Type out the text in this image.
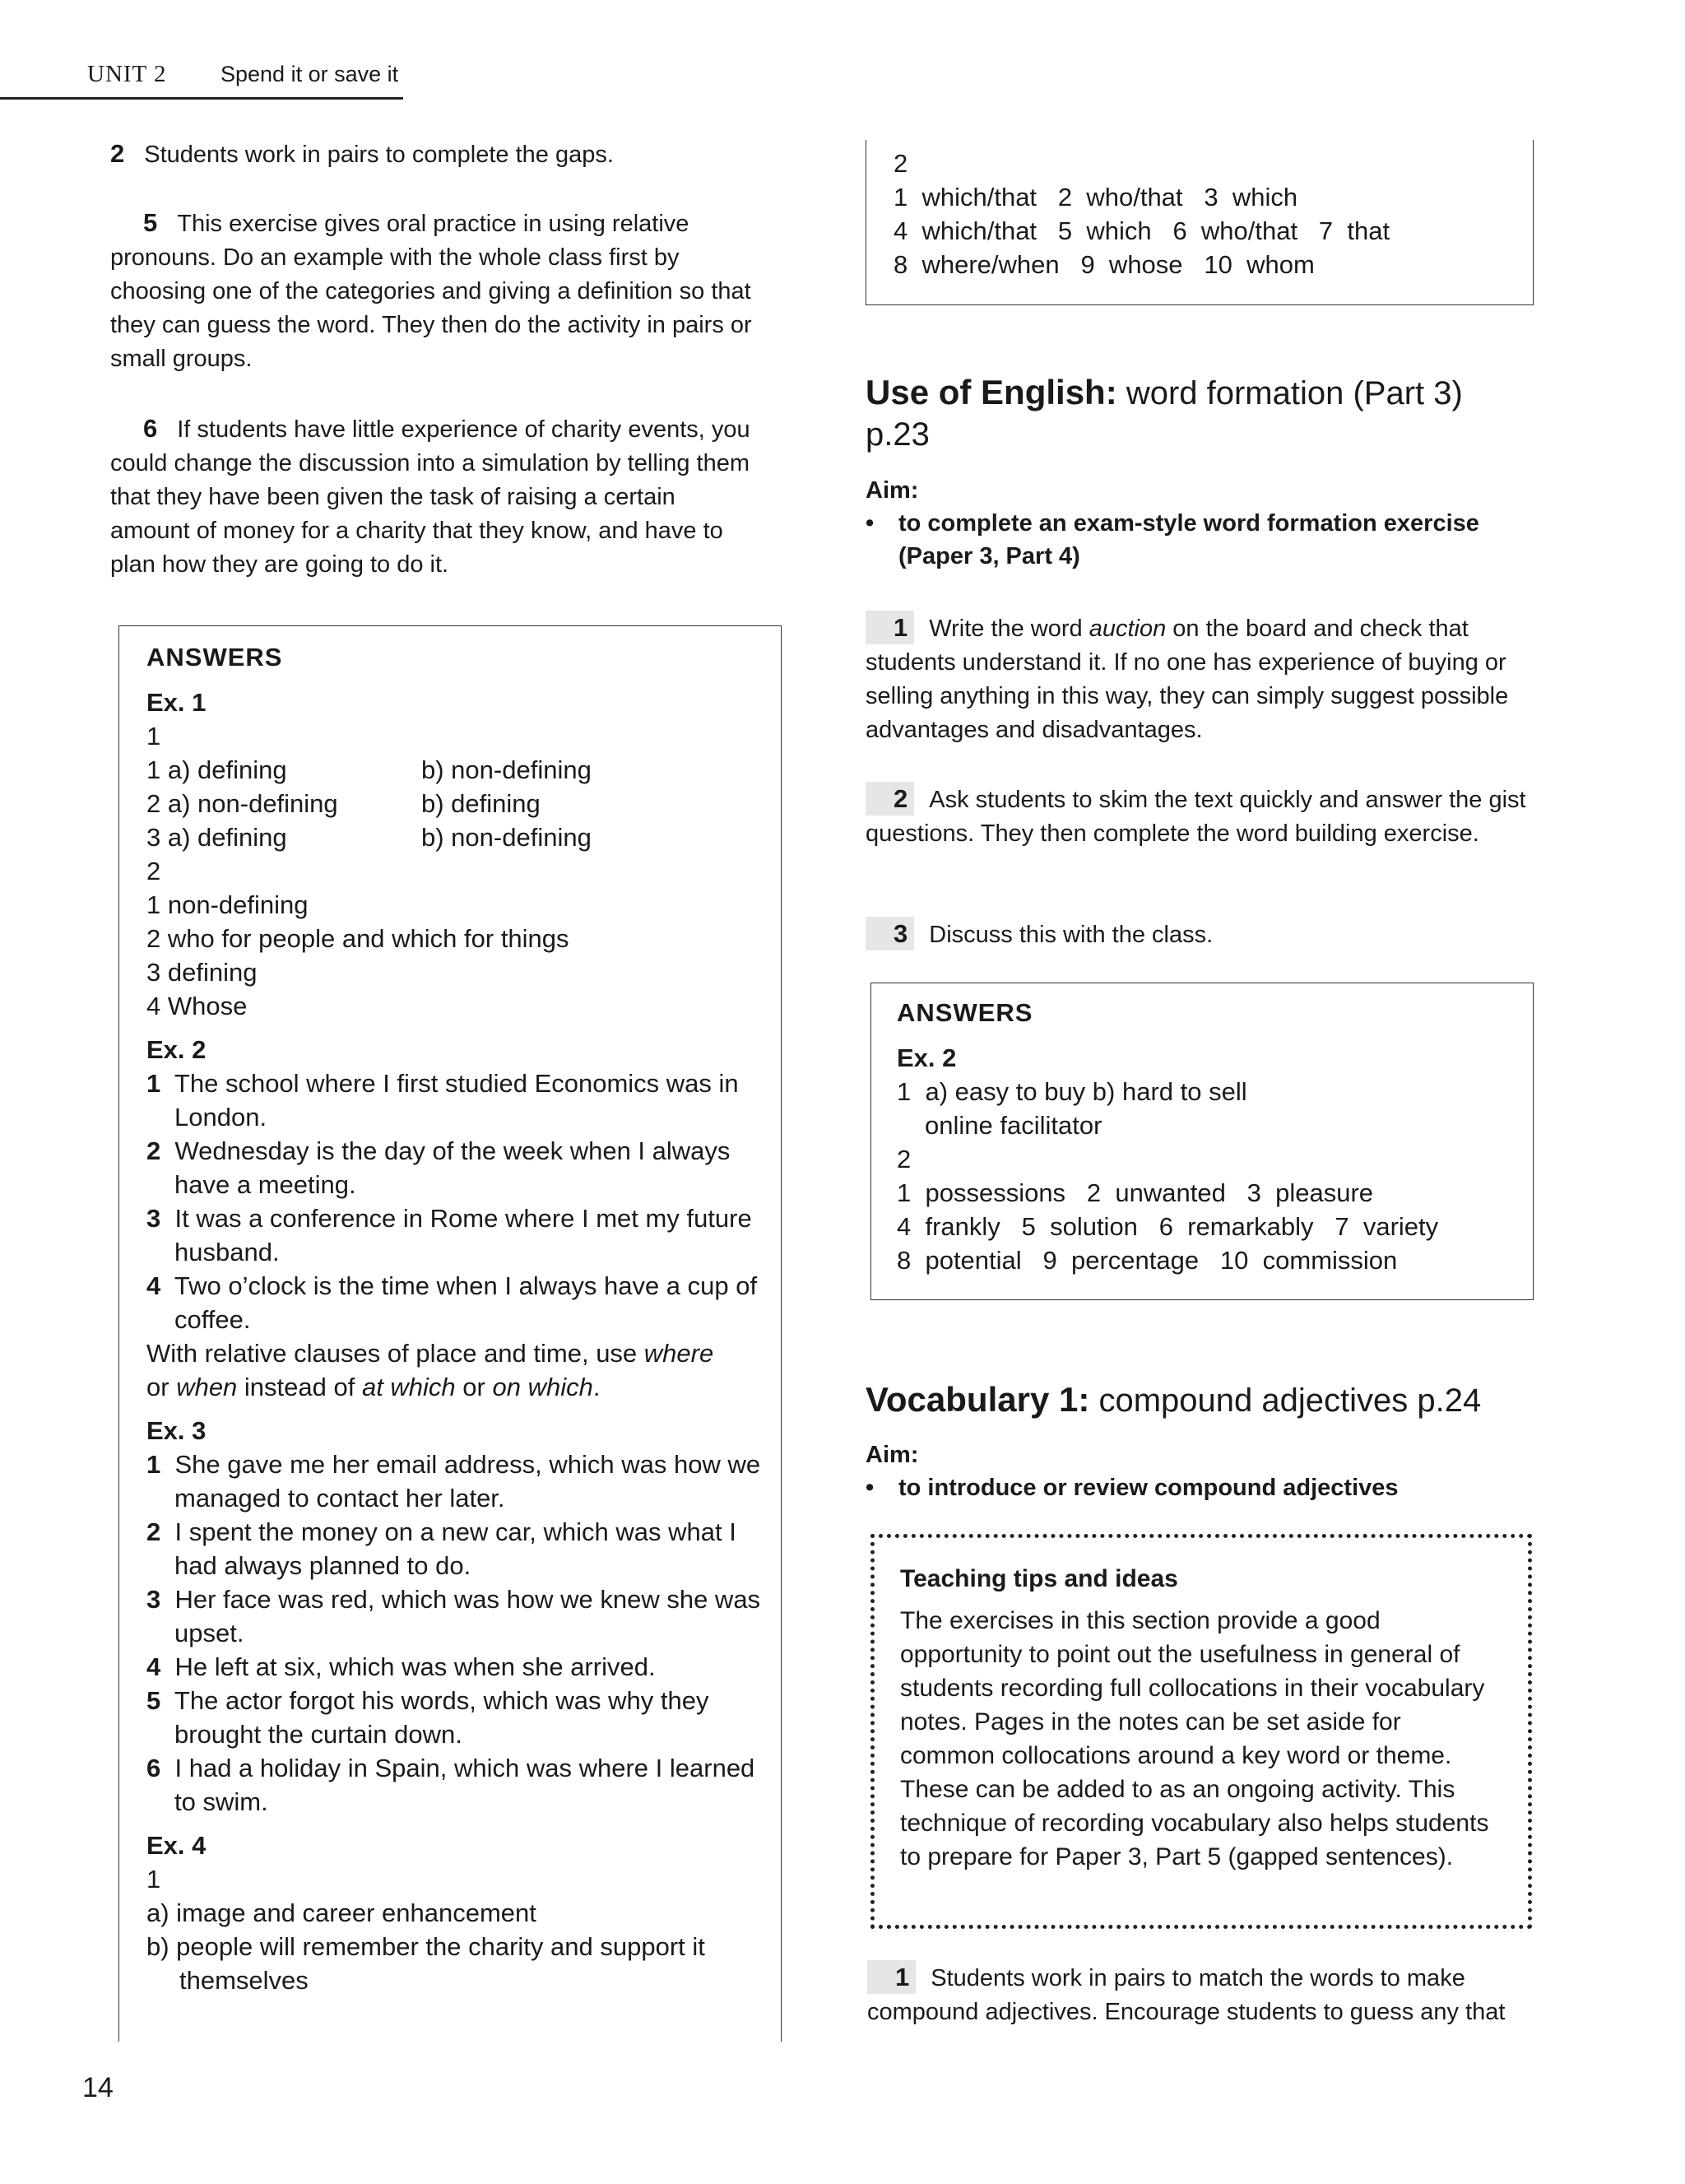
UNIT 2 Spend it or save it
2 Students work in pairs to complete the gaps.
5 This exercise gives oral practice in using relative
pronouns. Do an example with the whole class first by
choosing one of the categories and giving a definition so that
they can guess the word. They then do the activity in pairs or
small groups.
6 If students have little experience of charity events, you
could change the discussion into a simulation by telling them
that they have been given the task of raising a certain
amount of money for a charity that they know, and have to
plan how they are going to do it.
ANSWERS
Ex. 1
1
1 a) defining	b) non-defining
2 a) non-defining	b) defining
3 a) defining	b) non-defining
2
1 non-defining
2 who for people and which for things
3 defining
4 Whose
Ex. 2
1 The school where I first studied Economics was in London.
2 Wednesday is the day of the week when I always have a meeting.
3 It was a conference in Rome where I met my future husband.
4 Two o’clock is the time when I always have a cup of coffee.
With relative clauses of place and time, use where
or when instead of at which or on which.
Ex. 3
1 She gave me her email address, which was how we managed to contact her later.
2 I spent the money on a new car, which was what I had always planned to do.
3 Her face was red, which was how we knew she was upset.
4 He left at six, which was when she arrived.
5 The actor forgot his words, which was why they brought the curtain down.
6 I had a holiday in Spain, which was where I learned to swim.
Ex. 4
1
a) image and career enhancement
b) people will remember the charity and support it themselves
14
2
1  which/that   2  who/that   3  which
4  which/that   5  which   6  who/that   7  that
8  where/when   9  whose   10  whom
Use of English: word formation (Part 3)
p.23
Aim:
• to complete an exam-style word formation exercise (Paper 3, Part 4)
1 Write the word auction on the board and check that students understand it. If no one has experience of buying or selling anything in this way, they can simply suggest possible advantages and disadvantages.
2 Ask students to skim the text quickly and answer the gist questions. They then complete the word building exercise.
3 Discuss this with the class.
ANSWERS
Ex. 2
1  a) easy to buy b) hard to sell
online facilitator
2
1  possessions   2  unwanted   3  pleasure
4  frankly   5  solution   6  remarkably   7  variety
8  potential   9  percentage   10  commission
Vocabulary 1: compound adjectives p.24
Aim:
• to introduce or review compound adjectives
Teaching tips and ideas
The exercises in this section provide a good opportunity to point out the usefulness in general of students recording full collocations in their vocabulary notes. Pages in the notes can be set aside for common collocations around a key word or theme. These can be added to as an ongoing activity. This technique of recording vocabulary also helps students to prepare for Paper 3, Part 5 (gapped sentences).
1 Students work in pairs to match the words to make compound adjectives. Encourage students to guess any that
